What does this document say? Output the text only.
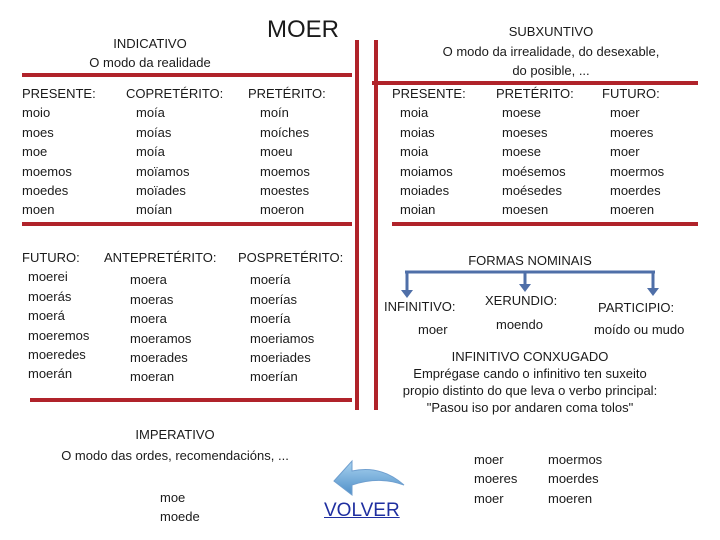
MOER
INDICATIVO
O modo da realidade
SUBXUNTIVO
O modo da irrealidade, do desexable,
do posible, ...
PRESENTE:
moio
moes
moe
moemos
moedes
moen
COPRETÉRITO:
moía
moías
moía
moïamos
moïades
moían
PRETÉRITO:
moín
moíches
moeu
moemos
moestes
moeron
FUTURO:
moerei
moerás
moerá
moeremos
moeredes
moerán
ANTEPRETÉRITO:
moera
moeras
moera
moeramos
moerades
moeran
POSPRETÉRITO:
moería
moerías
moería
moeriamos
moeriades
moerían
PRESENTE:
moia
moias
moia
moiamos
moiades
moian
PRETÉRITO:
moese
moeses
moese
moésemos
moésedes
moesen
FUTURO:
moer
moeres
moer
moermos
moerdes
moeren
FORMAS NOMINAIS
INFINITIVO:
moer
XERUNDIO:
moendo
PARTICIPIO:
moído ou mudo
INFINITIVO CONXUGADO
Emprégase cando o infinitivo ten suxeito
propio distinto do que leva o verbo principal:
"Pasou iso por andaren coma tolos"
moer
moeres
moer
moermos
moerdes
moeren
IMPERATIVO
O modo das ordes, recomendacións, ...
moe
moede	VOLVER
